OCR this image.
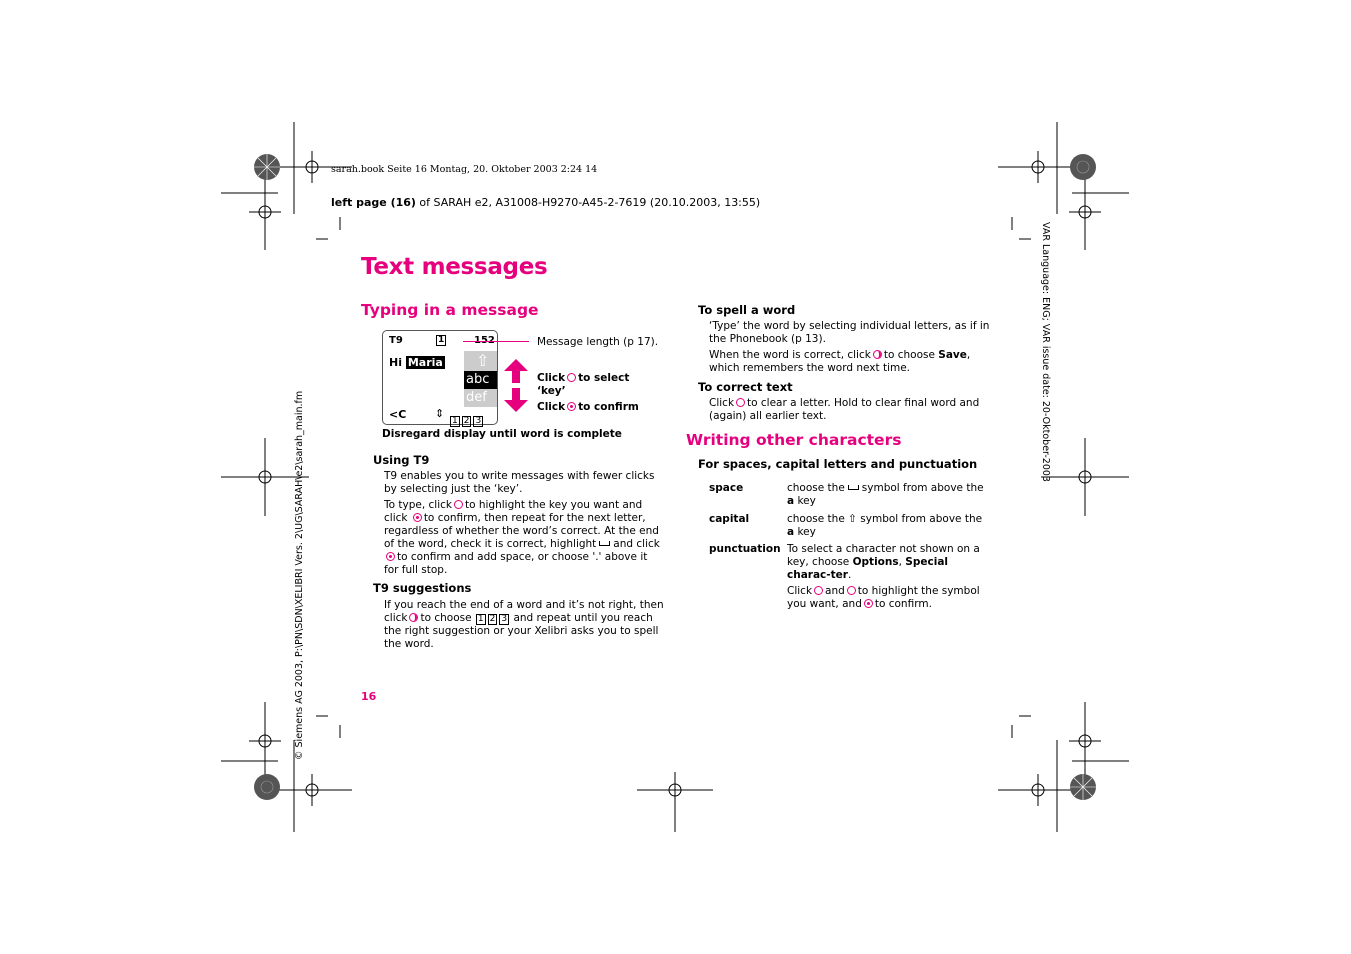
sarah.book Seite 16 Montag, 20. Oktober 2003 2:24 14
left page (16) of SARAH e2, A31008-H9270-A45-2-7619 (20.10.2003, 13:55)
© Siemens AG 2003, P:\PN\SDN\XELIBRI Vers. 2\UG\SARAH\e2\sarah_main.fm
VAR Language: ENG; VAR issue date: 20-Oktober-2003
Text messages
Typing in a message
T9	1
Hi Maria ⇧
abc
def
<C	⇕
1 2 3
Message length (p 17).
Click to select
‘key’
Click to confirm
Disregard display until word is complete
Using T9
T9 enables you to write messages with fewer clicks by selecting just the ‘key’.
To type, click to highlight the key you want and click to confirm, then repeat for the next letter, regardless of whether the word’s correct. At the end of the word, check it is correct, highlight and clickto confirm and add space, or choose '.' above it for full stop.
T9 suggestions
If you reach the end of a word and it’s not right, then click to choose 1 2 3 and repeat until you reach the right suggestion or your Xelibri asks you to spell the word.
16
To spell a word
‘Type’ the word by selecting individual letters, as if in the Phonebook (p 13).
When the word is correct, click to choose Save, which remembers the word next time.
To correct text
Click to clear a letter. Hold to clear final word and (again) all earlier text.
Writing other characters
For spaces, capital letters and punctuation
space	choose the symbol from above the a key
capital	choose the ⇧ symbol from above the a key
punctuation To select a character not shown on a key, choose Options, Special charac-ter.
Click and to highlight the symbol you want, and to confirm.
